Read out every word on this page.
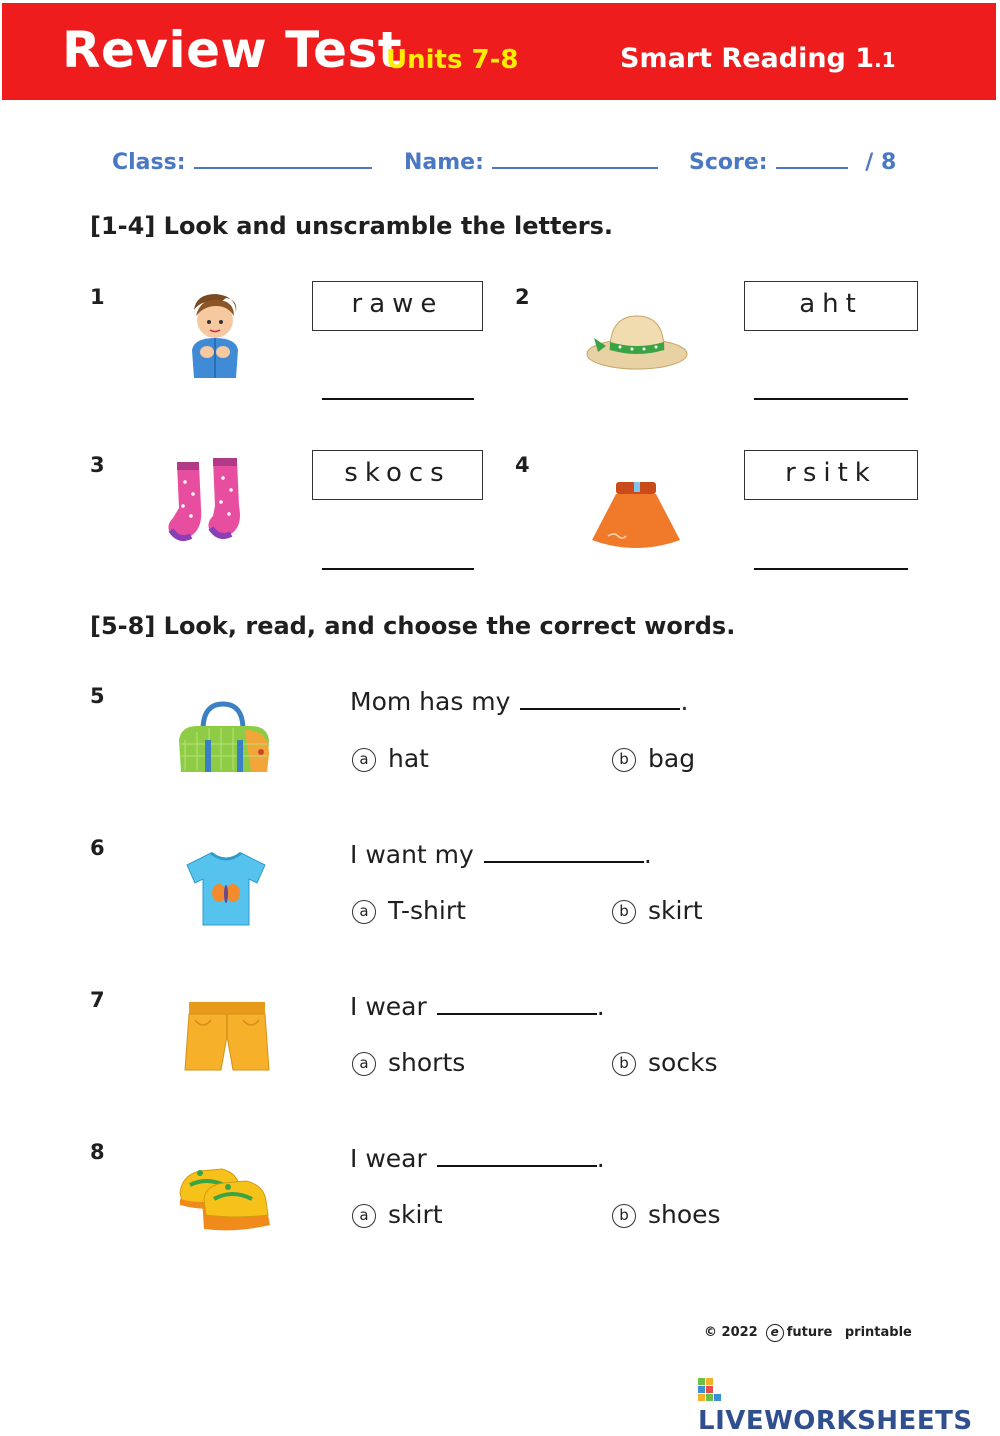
Review Test
Units 7-8	Smart Reading 1.1
Class:	Name:	Score:	/ 8
[1-4] Look and unscramble the letters.
1	rawe	2	aht
3	skocs	4	rsitk
[5-8] Look, read, and choose the correct words.
5	Mom has my	.
a hat	b bag
6	I want my	.
a T-shirt	b skirt
7	I wear	.
a shorts	b socks
8	I wear	.
a skirt	b shoes
© 2022 e future printable
LIVEWORKSHEETS
